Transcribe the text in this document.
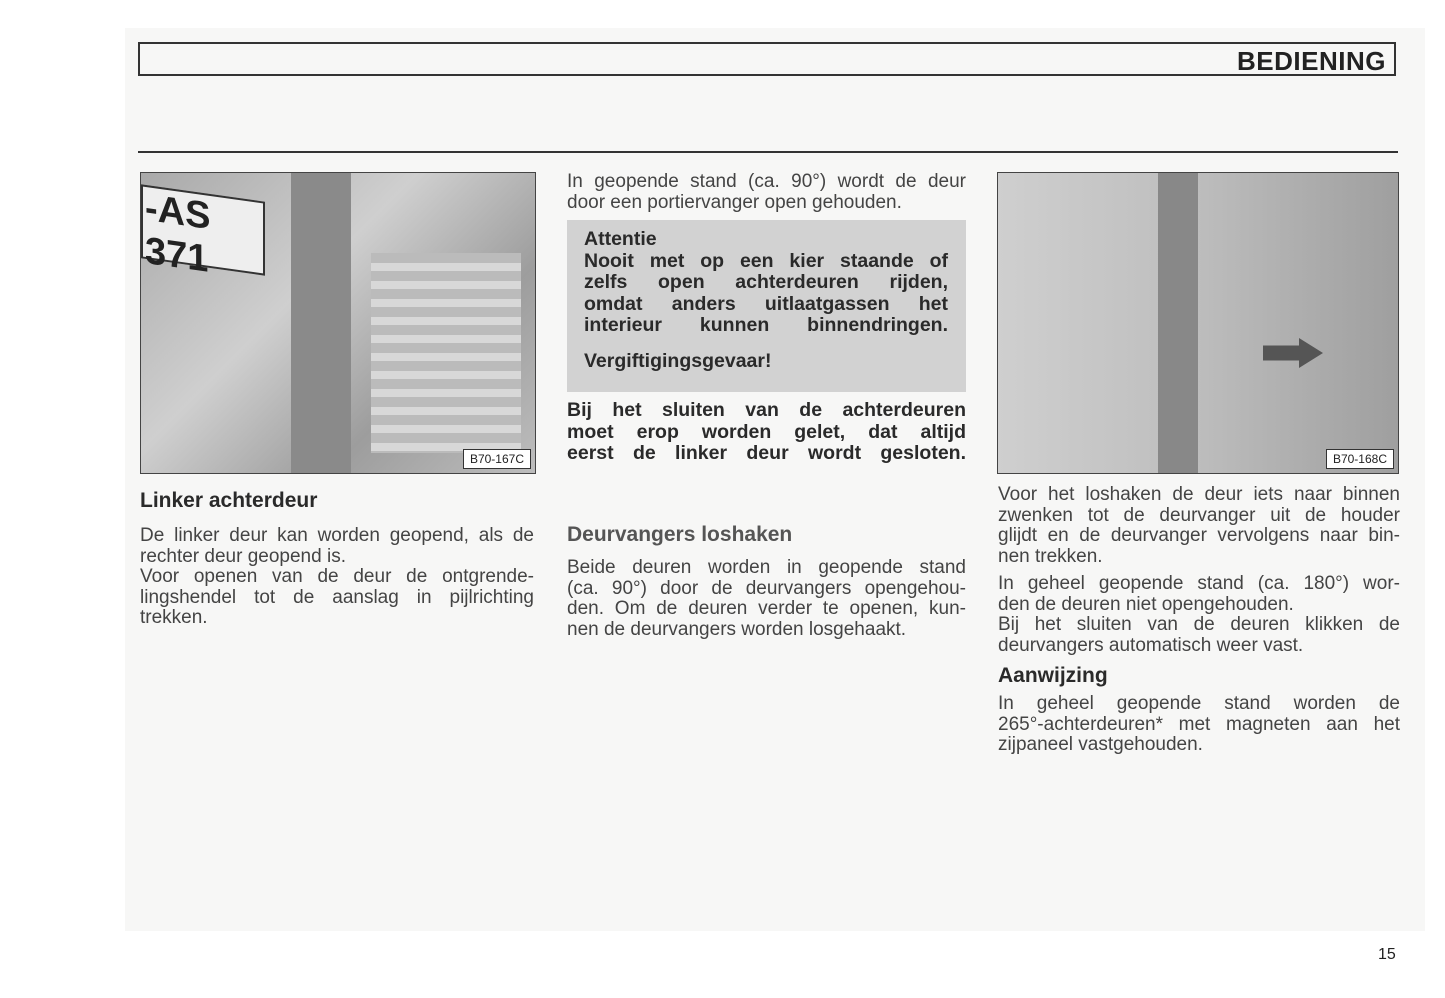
BEDIENING
-AS 371
B70-167C	B70-168C
Linker achterdeur
De linker deur kan worden geopend, als de
rechter deur geopend is.
Voor openen van de deur de ontgrende-
lingshendel tot de aanslag in pijlrichting
trekken.
In geopende stand (ca. 90°) wordt de deur
door een portiervanger open gehouden.
Attentie
Nooit met op een kier staande of
zelfs open achterdeuren rijden,
omdat anders uitlaatgassen het
interieur kunnen binnendringen.
Vergiftigingsgevaar!
Bij het sluiten van de achterdeuren
moet erop worden gelet, dat altijd
eerst de linker deur wordt gesloten.
Deurvangers loshaken
Beide deuren worden in geopende stand
(ca. 90°) door de deurvangers opengehou-
den. Om de deuren verder te openen, kun-
nen de deurvangers worden losgehaakt.
Voor het loshaken de deur iets naar binnen
zwenken tot de deurvanger uit de houder
glijdt en de deurvanger vervolgens naar bin-
nen trekken.
In geheel geopende stand (ca. 180°) wor-
den de deuren niet opengehouden.
Bij het sluiten van de deuren klikken de
deurvangers automatisch weer vast.
Aanwijzing
In geheel geopende stand worden de
265°-achterdeuren* met magneten aan het
zijpaneel vastgehouden.
15
